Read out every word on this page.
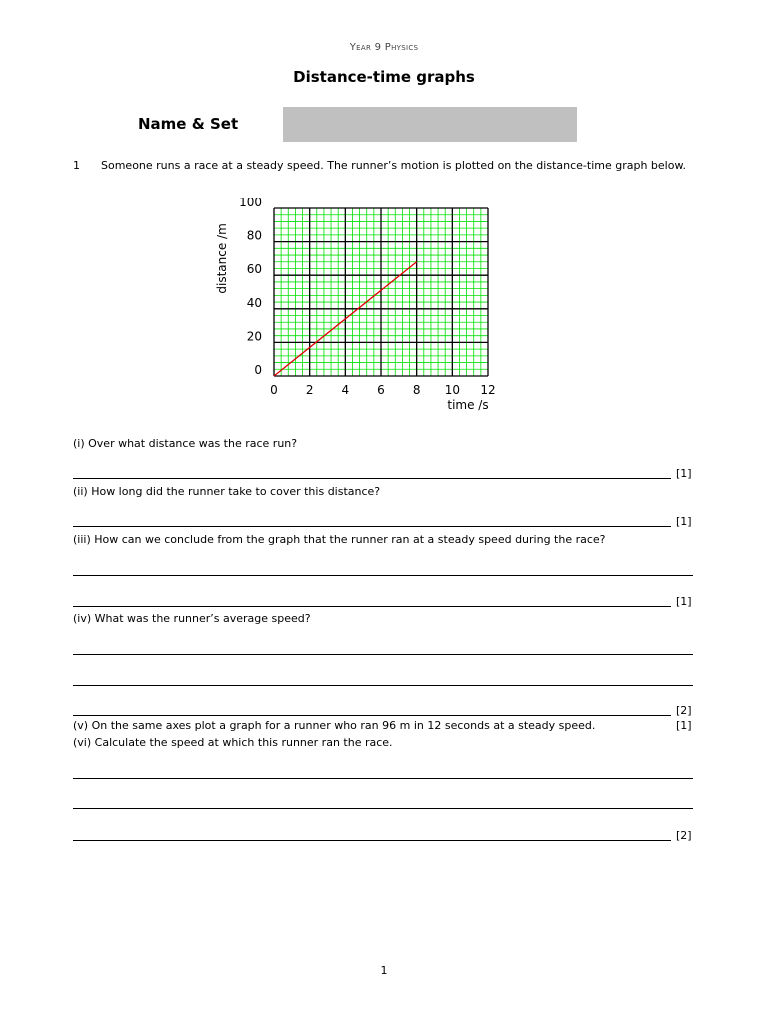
Year 9 Physics
Distance-time graphs
Name & Set
1 Someone runs a race at a steady speed. The runner’s motion is plotted on the distance-time graph below.
0 2 4 6 8 10 12
0
20
40
60
80
100
time /s
distance /m
(i) Over what distance was the race run?
[1]
(ii) How long did the runner take to cover this distance?
[1]
(iii) How can we conclude from the graph that the runner ran at a steady speed during the race?
[1]
(iv) What was the runner’s average speed?
[2]
(v) On the same axes plot a graph for a runner who ran 96 m in 12 seconds at a steady speed.	[1]
(vi) Calculate the speed at which this runner ran the race.
[2]
1
